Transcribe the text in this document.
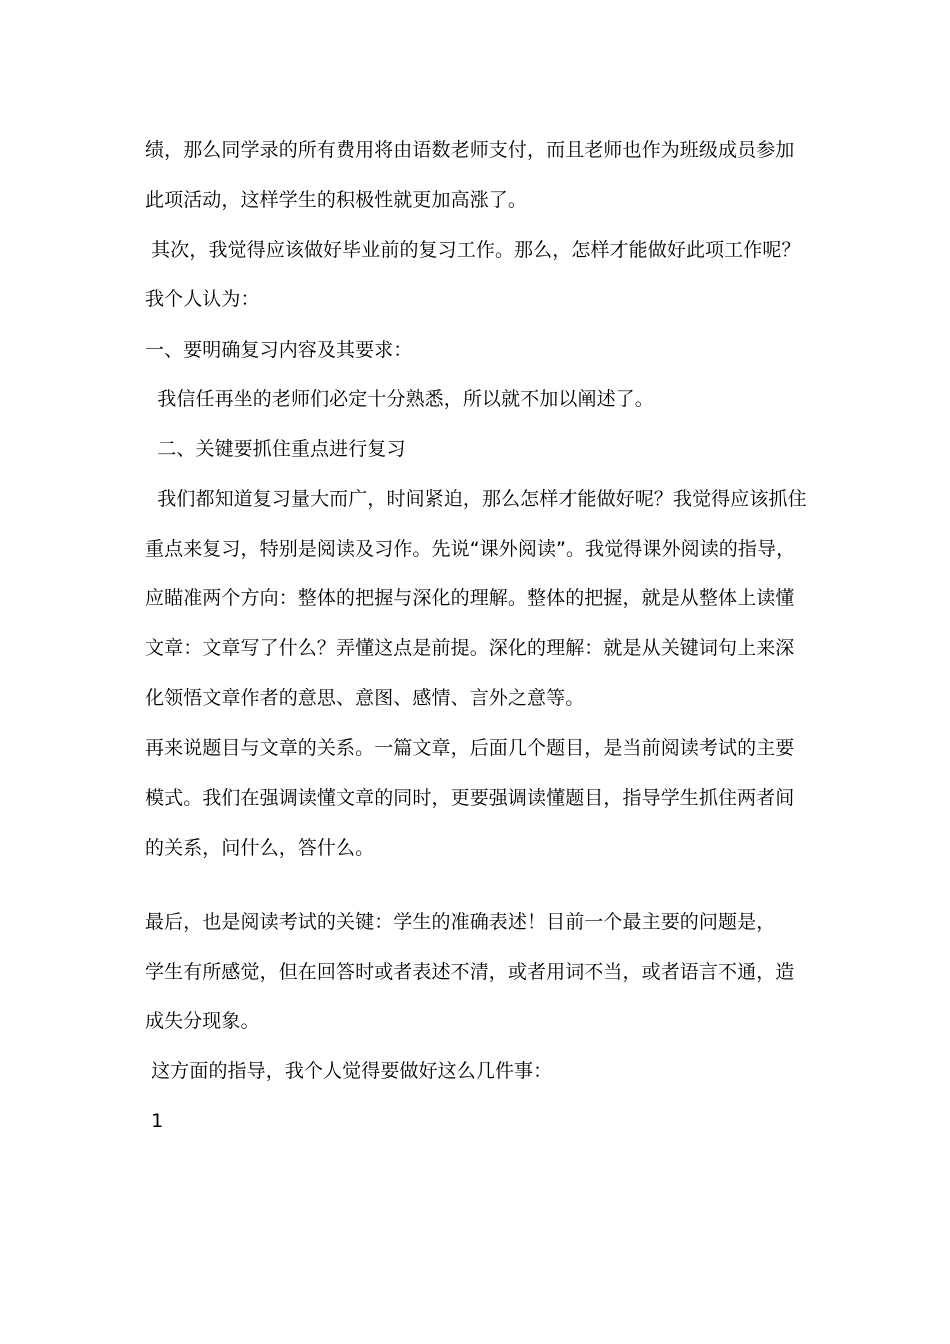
绩，那么同学录的所有费用将由语数老师支付，而且老师也作为班级成员参加
此项活动，这样学生的积极性就更加高涨了。
其次，我觉得应该做好毕业前的复习工作。那么，怎样才能做好此项工作呢？
我个人认为：
一、要明确复习内容及其要求：
我信任再坐的老师们必定十分熟悉，所以就不加以阐述了。
二、关键要抓住重点进行复习
我们都知道复习量大而广，时间紧迫，那么怎样才能做好呢？我觉得应该抓住
重点来复习，特别是阅读及习作。先说“课外阅读”。我觉得课外阅读的指导，
应瞄准两个方向：整体的把握与深化的理解。整体的把握，就是从整体上读懂
文章：文章写了什么？弄懂这点是前提。深化的理解：就是从关键词句上来深
化领悟文章作者的意思、意图、感情、言外之意等。
再来说题目与文章的关系。一篇文章，后面几个题目，是当前阅读考试的主要
模式。我们在强调读懂文章的同时，更要强调读懂题目，指导学生抓住两者间
的关系，问什么，答什么。
最后，也是阅读考试的关键：学生的准确表述！目前一个最主要的问题是，
学生有所感觉，但在回答时或者表述不清，或者用词不当，或者语言不通，造
成失分现象。
这方面的指导，我个人觉得要做好这么几件事：
1
